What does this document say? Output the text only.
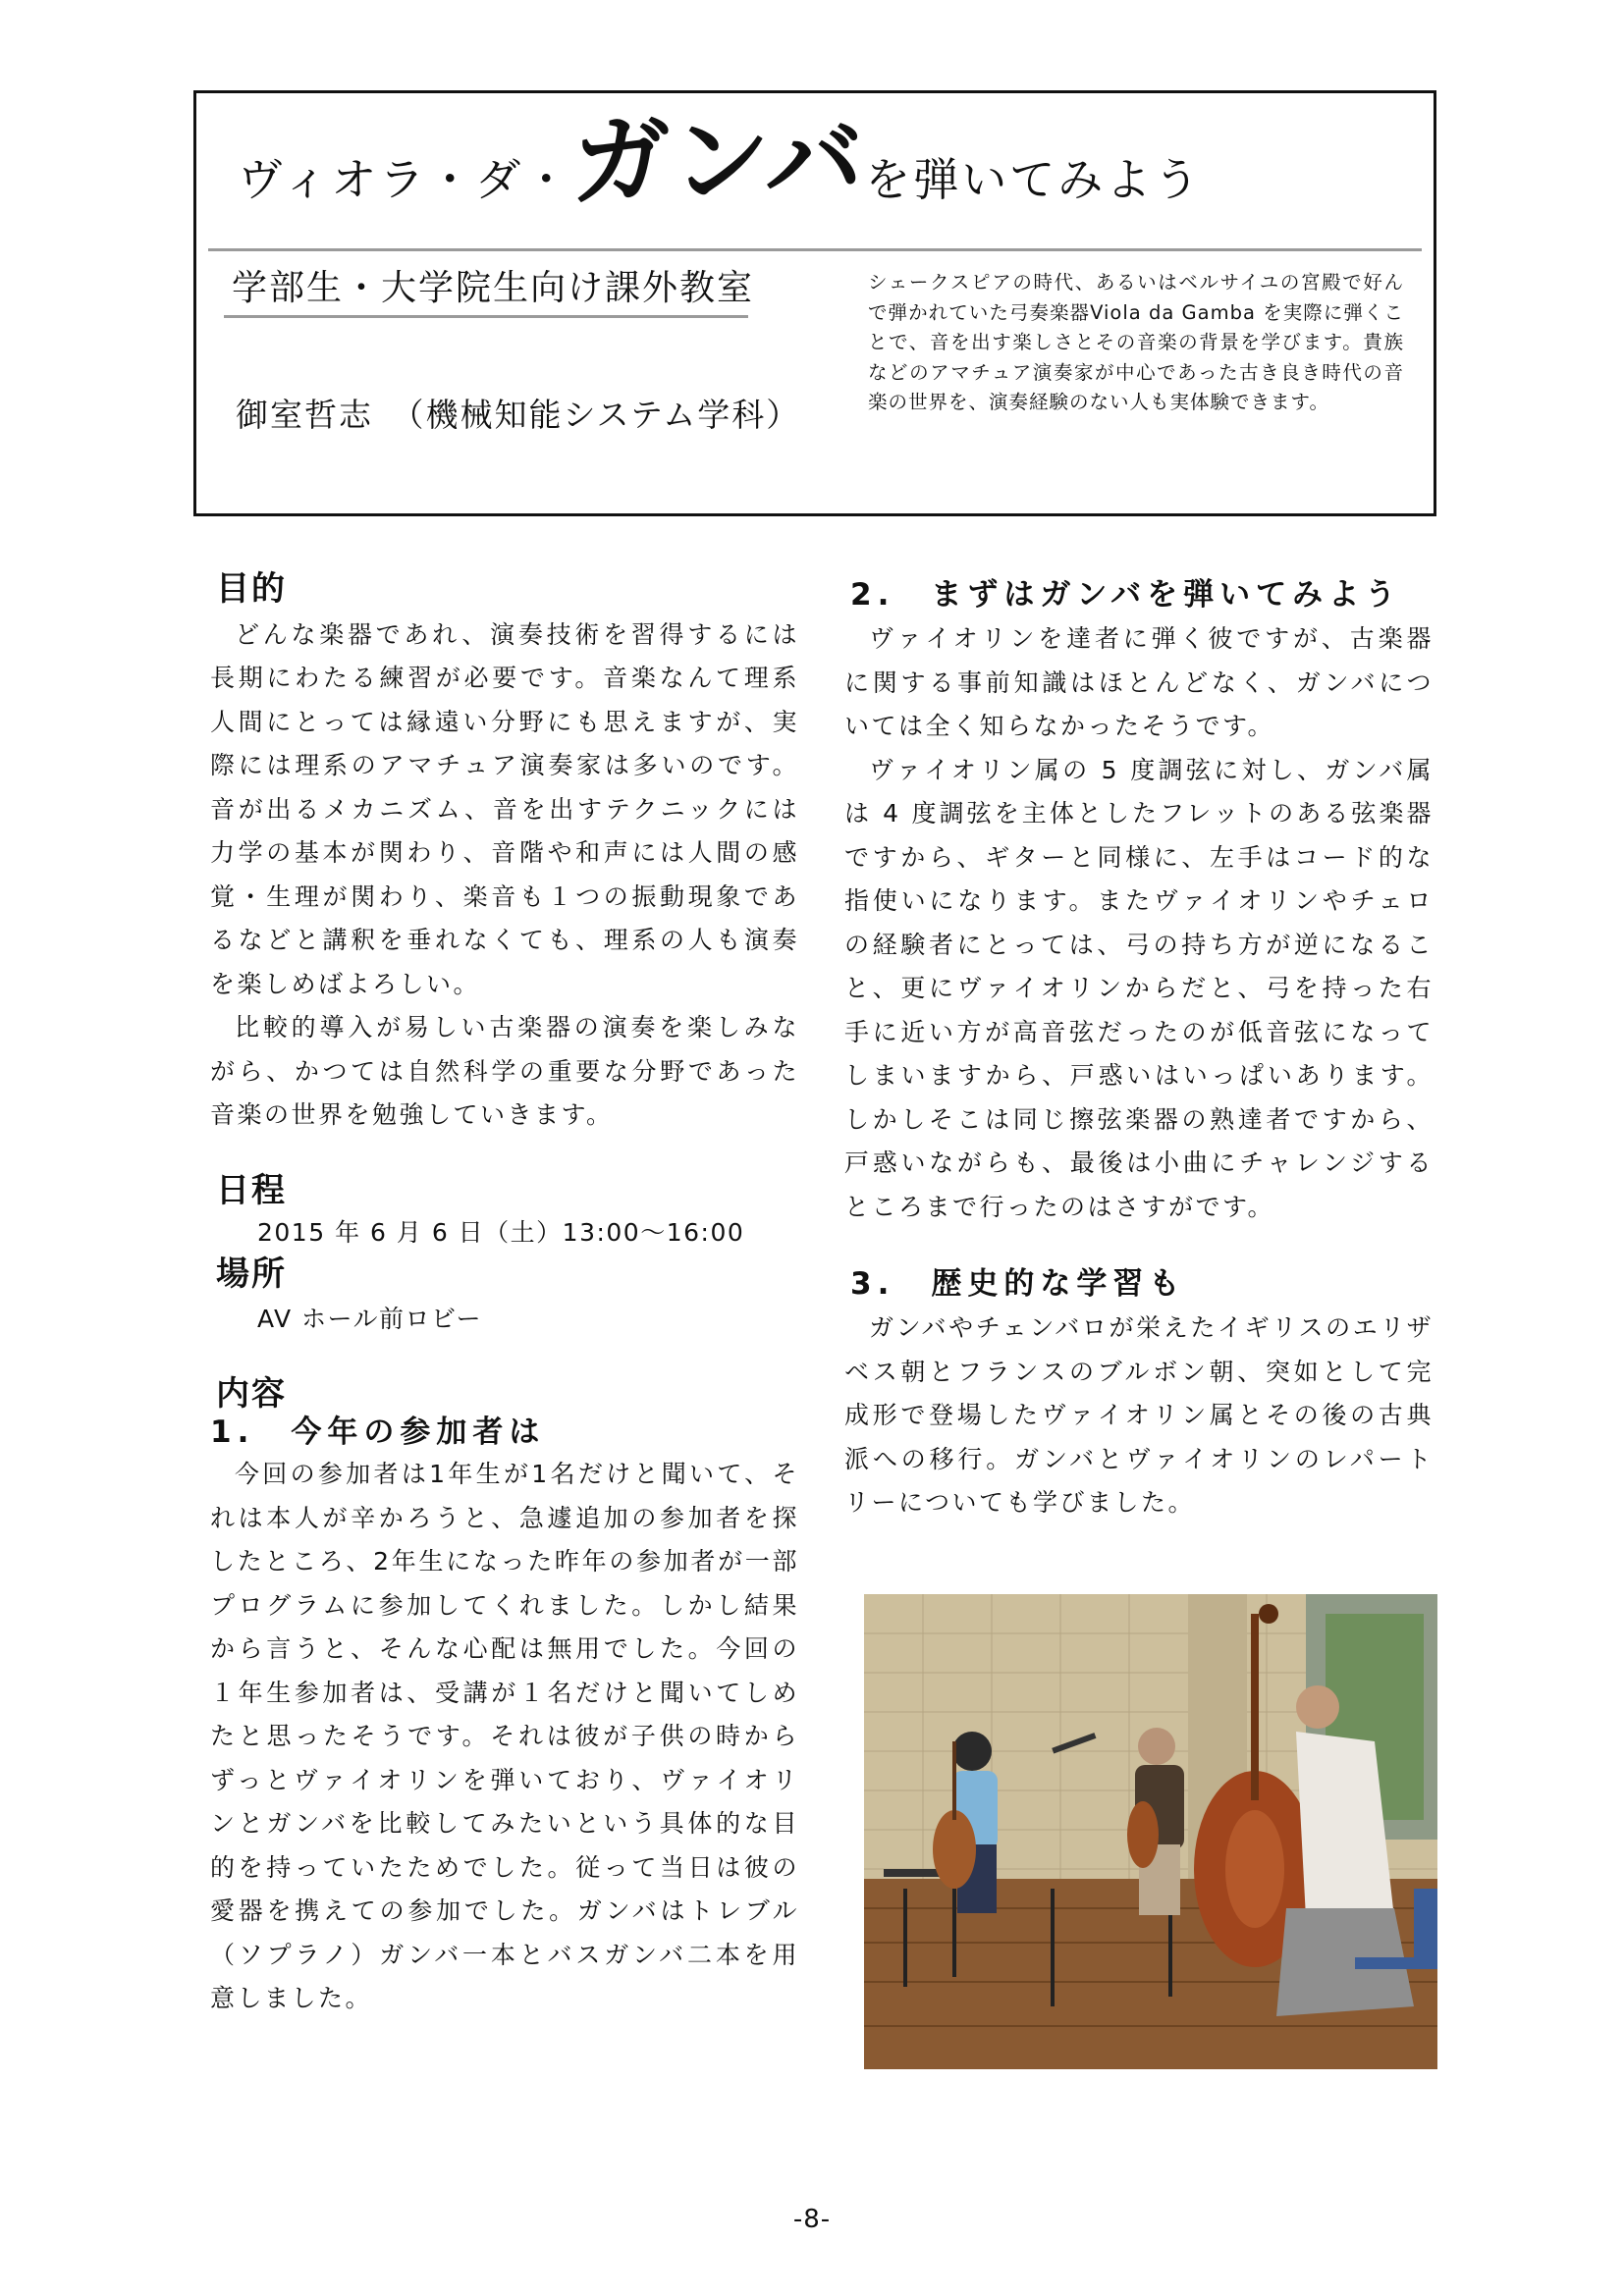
ヴィオラ・ダ・ガンバを弾いてみよう
学部生・大学院生向け課外教室
御室哲志　（機械知能システム学科）
シェークスピアの時代、あるいはベルサイユの宮殿で好んで弾かれていた弓奏楽器Viola da Gamba を実際に弾くことで、音を出す楽しさとその音楽の背景を学びます。貴族などのアマチュア演奏家が中心であった古き良き時代の音楽の世界を、演奏経験のない人も実体験できます。
目的

どんな楽器であれ、演奏技術を習得するには長期にわたる練習が必要です。音楽なんて理系人間にとっては縁遠い分野にも思えますが、実際には理系のアマチュア演奏家は多いのです。音が出るメカニズム、音を出すテクニックには力学の基本が関わり、音階や和声には人間の感覚・生理が関わり、楽音も１つの振動現象であるなどと講釈を垂れなくても、理系の人も演奏を楽しめばよろしい。

比較的導入が易しい古楽器の演奏を楽しみながら、かつては自然科学の重要な分野であった音楽の世界を勉強していきます。

日程

2015 年 6 月 6 日（土）13:00～16:00

場所

AV ホール前ロビー

内容
1.　今年の参加者は

今回の参加者は1年生が1名だけと聞いて、それは本人が辛かろうと、急遽追加の参加者を探したところ、2年生になった昨年の参加者が一部プログラムに参加してくれました。しかし結果から言うと、そんな心配は無用でした。今回の１年生参加者は、受講が１名だけと聞いてしめたと思ったそうです。それは彼が子供の時からずっとヴァイオリンを弾いており、ヴァイオリンとガンバを比較してみたいという具体的な目的を持っていたためでした。従って当日は彼の愛器を携えての参加でした。ガンバはトレブル（ソプラノ）ガンバ一本とバスガンバ二本を用意しました。

2.　まずはガンバを弾いてみよう

ヴァイオリンを達者に弾く彼ですが、古楽器に関する事前知識はほとんどなく、ガンバについては全く知らなかったそうです。

ヴァイオリン属の 5 度調弦に対し、ガンバ属は 4 度調弦を主体としたフレットのある弦楽器ですから、ギターと同様に、左手はコード的な指使いになります。またヴァイオリンやチェロの経験者にとっては、弓の持ち方が逆になること、更にヴァイオリンからだと、弓を持った右手に近い方が高音弦だったのが低音弦になってしまいますから、戸惑いはいっぱいあります。しかしそこは同じ擦弦楽器の熟達者ですから、戸惑いながらも、最後は小曲にチャレンジするところまで行ったのはさすがです。

3.　歴史的な学習も

ガンバやチェンバロが栄えたイギリスのエリザベス朝とフランスのブルボン朝、突如として完成形で登場したヴァイオリン属とその後の古典派への移行。ガンバとヴァイオリンのレパートリーについても学びました。

-8-
